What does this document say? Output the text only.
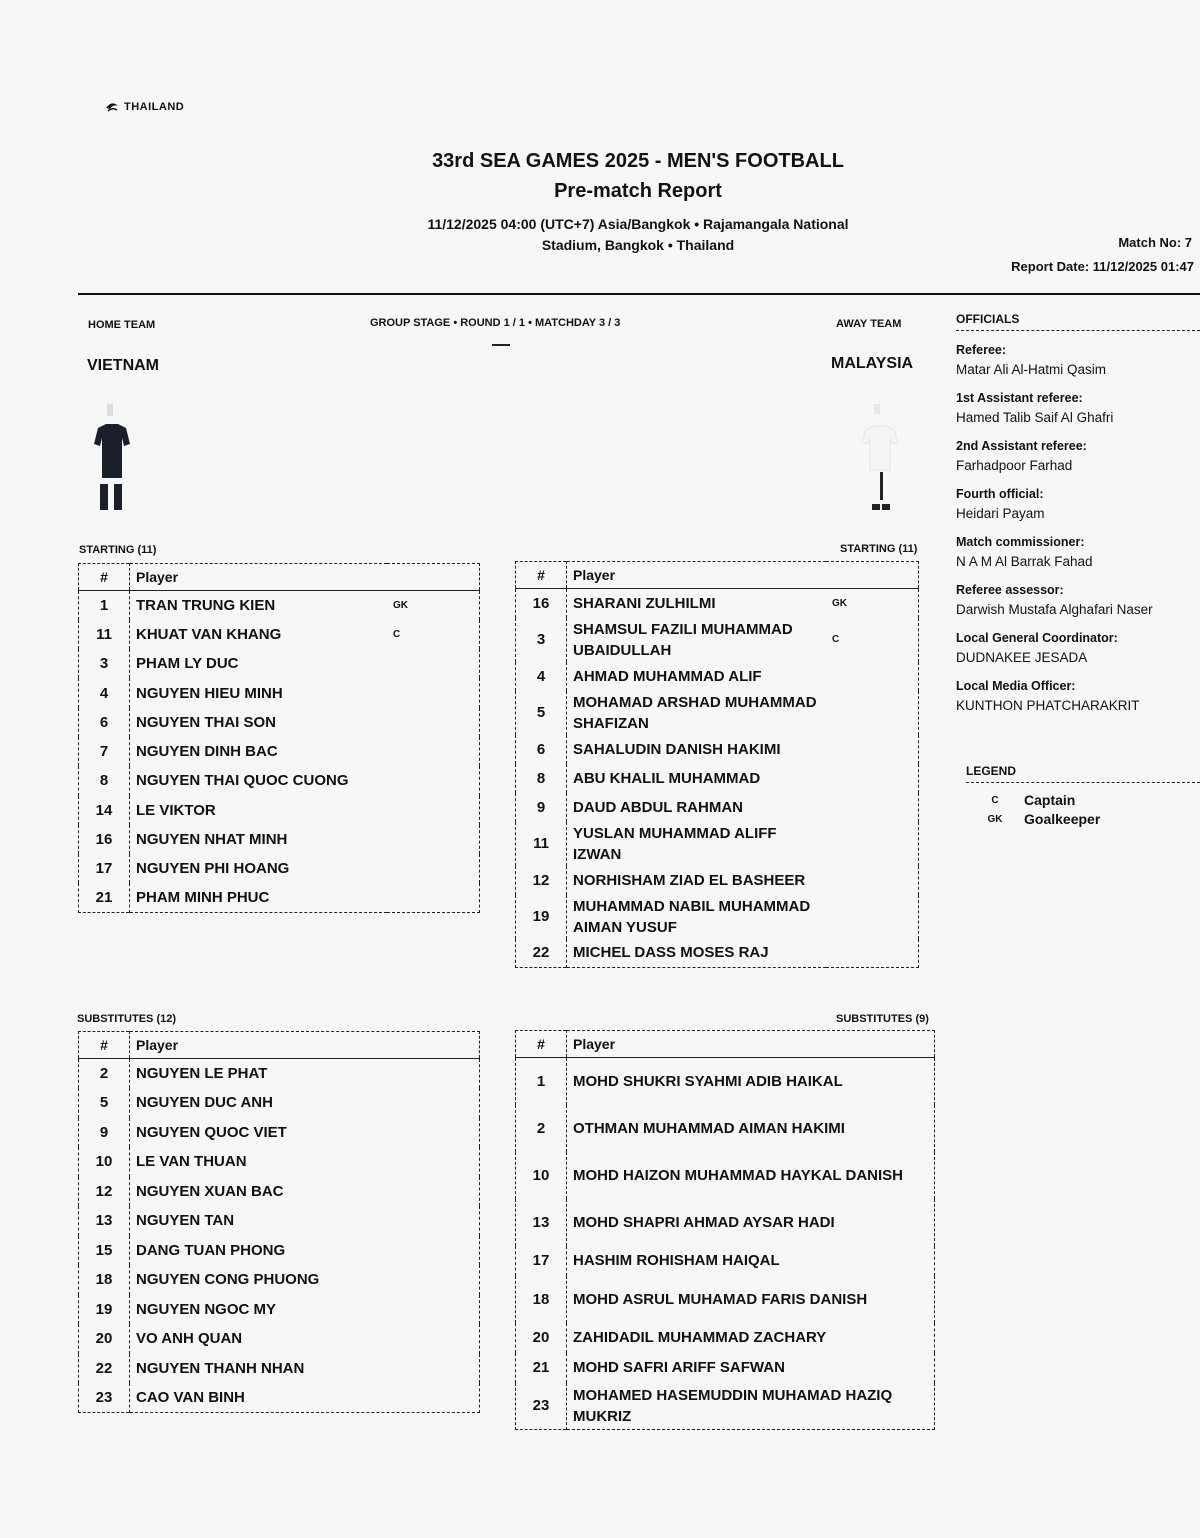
THAILAND
33rd SEA GAMES 2025 - MEN'S FOOTBALL
Pre-match Report
11/12/2025 04:00 (UTC+7) Asia/Bangkok • Rajamangala National
Stadium, Bangkok • Thailand	Match No: 7
Report Date: 11/12/2025 01:47
HOME TEAM
VIETNAM
GROUP STAGE • ROUND 1 / 1 • MATCHDAY 3 / 3	AWAY TEAM
MALAYSIA
STARTING (11)	STARTING (11)
#	Player	
1	TRAN TRUNG KIEN	GK
11	KHUAT VAN KHANG	C
3	PHAM LY DUC	
4	NGUYEN HIEU MINH	
6	NGUYEN THAI SON	
7	NGUYEN DINH BAC	
8	NGUYEN THAI QUOC CUONG	
14	LE VIKTOR	
16	NGUYEN NHAT MINH	
17	NGUYEN PHI HOANG	
21	PHAM MINH PHUC	
#	Player	
16	SHARANI ZULHILMI	GK
3	SHAMSUL FAZILI MUHAMMAD UBAIDULLAH	C
4	AHMAD MUHAMMAD ALIF	
5	MOHAMAD ARSHAD MUHAMMAD SHAFIZAN	
6	SAHALUDIN DANISH HAKIMI	
8	ABU KHALIL MUHAMMAD	
9	DAUD ABDUL RAHMAN	
11	YUSLAN MUHAMMAD ALIFF IZWAN	
12	NORHISHAM ZIAD EL BASHEER	
19	MUHAMMAD NABIL MUHAMMAD AIMAN YUSUF	
22	MICHEL DASS MOSES RAJ	
SUBSTITUTES (12)	SUBSTITUTES (9)
#	Player
2	NGUYEN LE PHAT
5	NGUYEN DUC ANH
9	NGUYEN QUOC VIET
10	LE VAN THUAN
12	NGUYEN XUAN BAC
13	NGUYEN TAN
15	DANG TUAN PHONG
18	NGUYEN CONG PHUONG
19	NGUYEN NGOC MY
20	VO ANH QUAN
22	NGUYEN THANH NHAN
23	CAO VAN BINH
#	Player
1	MOHD SHUKRI SYAHMI ADIB HAIKAL
2	OTHMAN MUHAMMAD AIMAN HAKIMI
10	MOHD HAIZON MUHAMMAD HAYKAL DANISH
13	MOHD SHAPRI AHMAD AYSAR HADI
17	HASHIM ROHISHAM HAIQAL
18	MOHD ASRUL MUHAMAD FARIS DANISH
20	ZAHIDADIL MUHAMMAD ZACHARY
21	MOHD SAFRI ARIFF SAFWAN
23	MOHAMED HASEMUDDIN MUHAMAD HAZIQ MUKRIZ
OFFICIALS
Referee:
Matar Ali Al-Hatmi Qasim
1st Assistant referee:
Hamed Talib Saif Al Ghafri
2nd Assistant referee:
Farhadpoor Farhad
Fourth official:
Heidari Payam
Match commissioner:
N A M Al Barrak Fahad
Referee assessor:
Darwish Mustafa Alghafari Naser
Local General Coordinator:
DUDNAKEE JESADA
Local Media Officer:
KUNTHON PHATCHARAKRIT
LEGEND
C	Captain
GK	Goalkeeper
